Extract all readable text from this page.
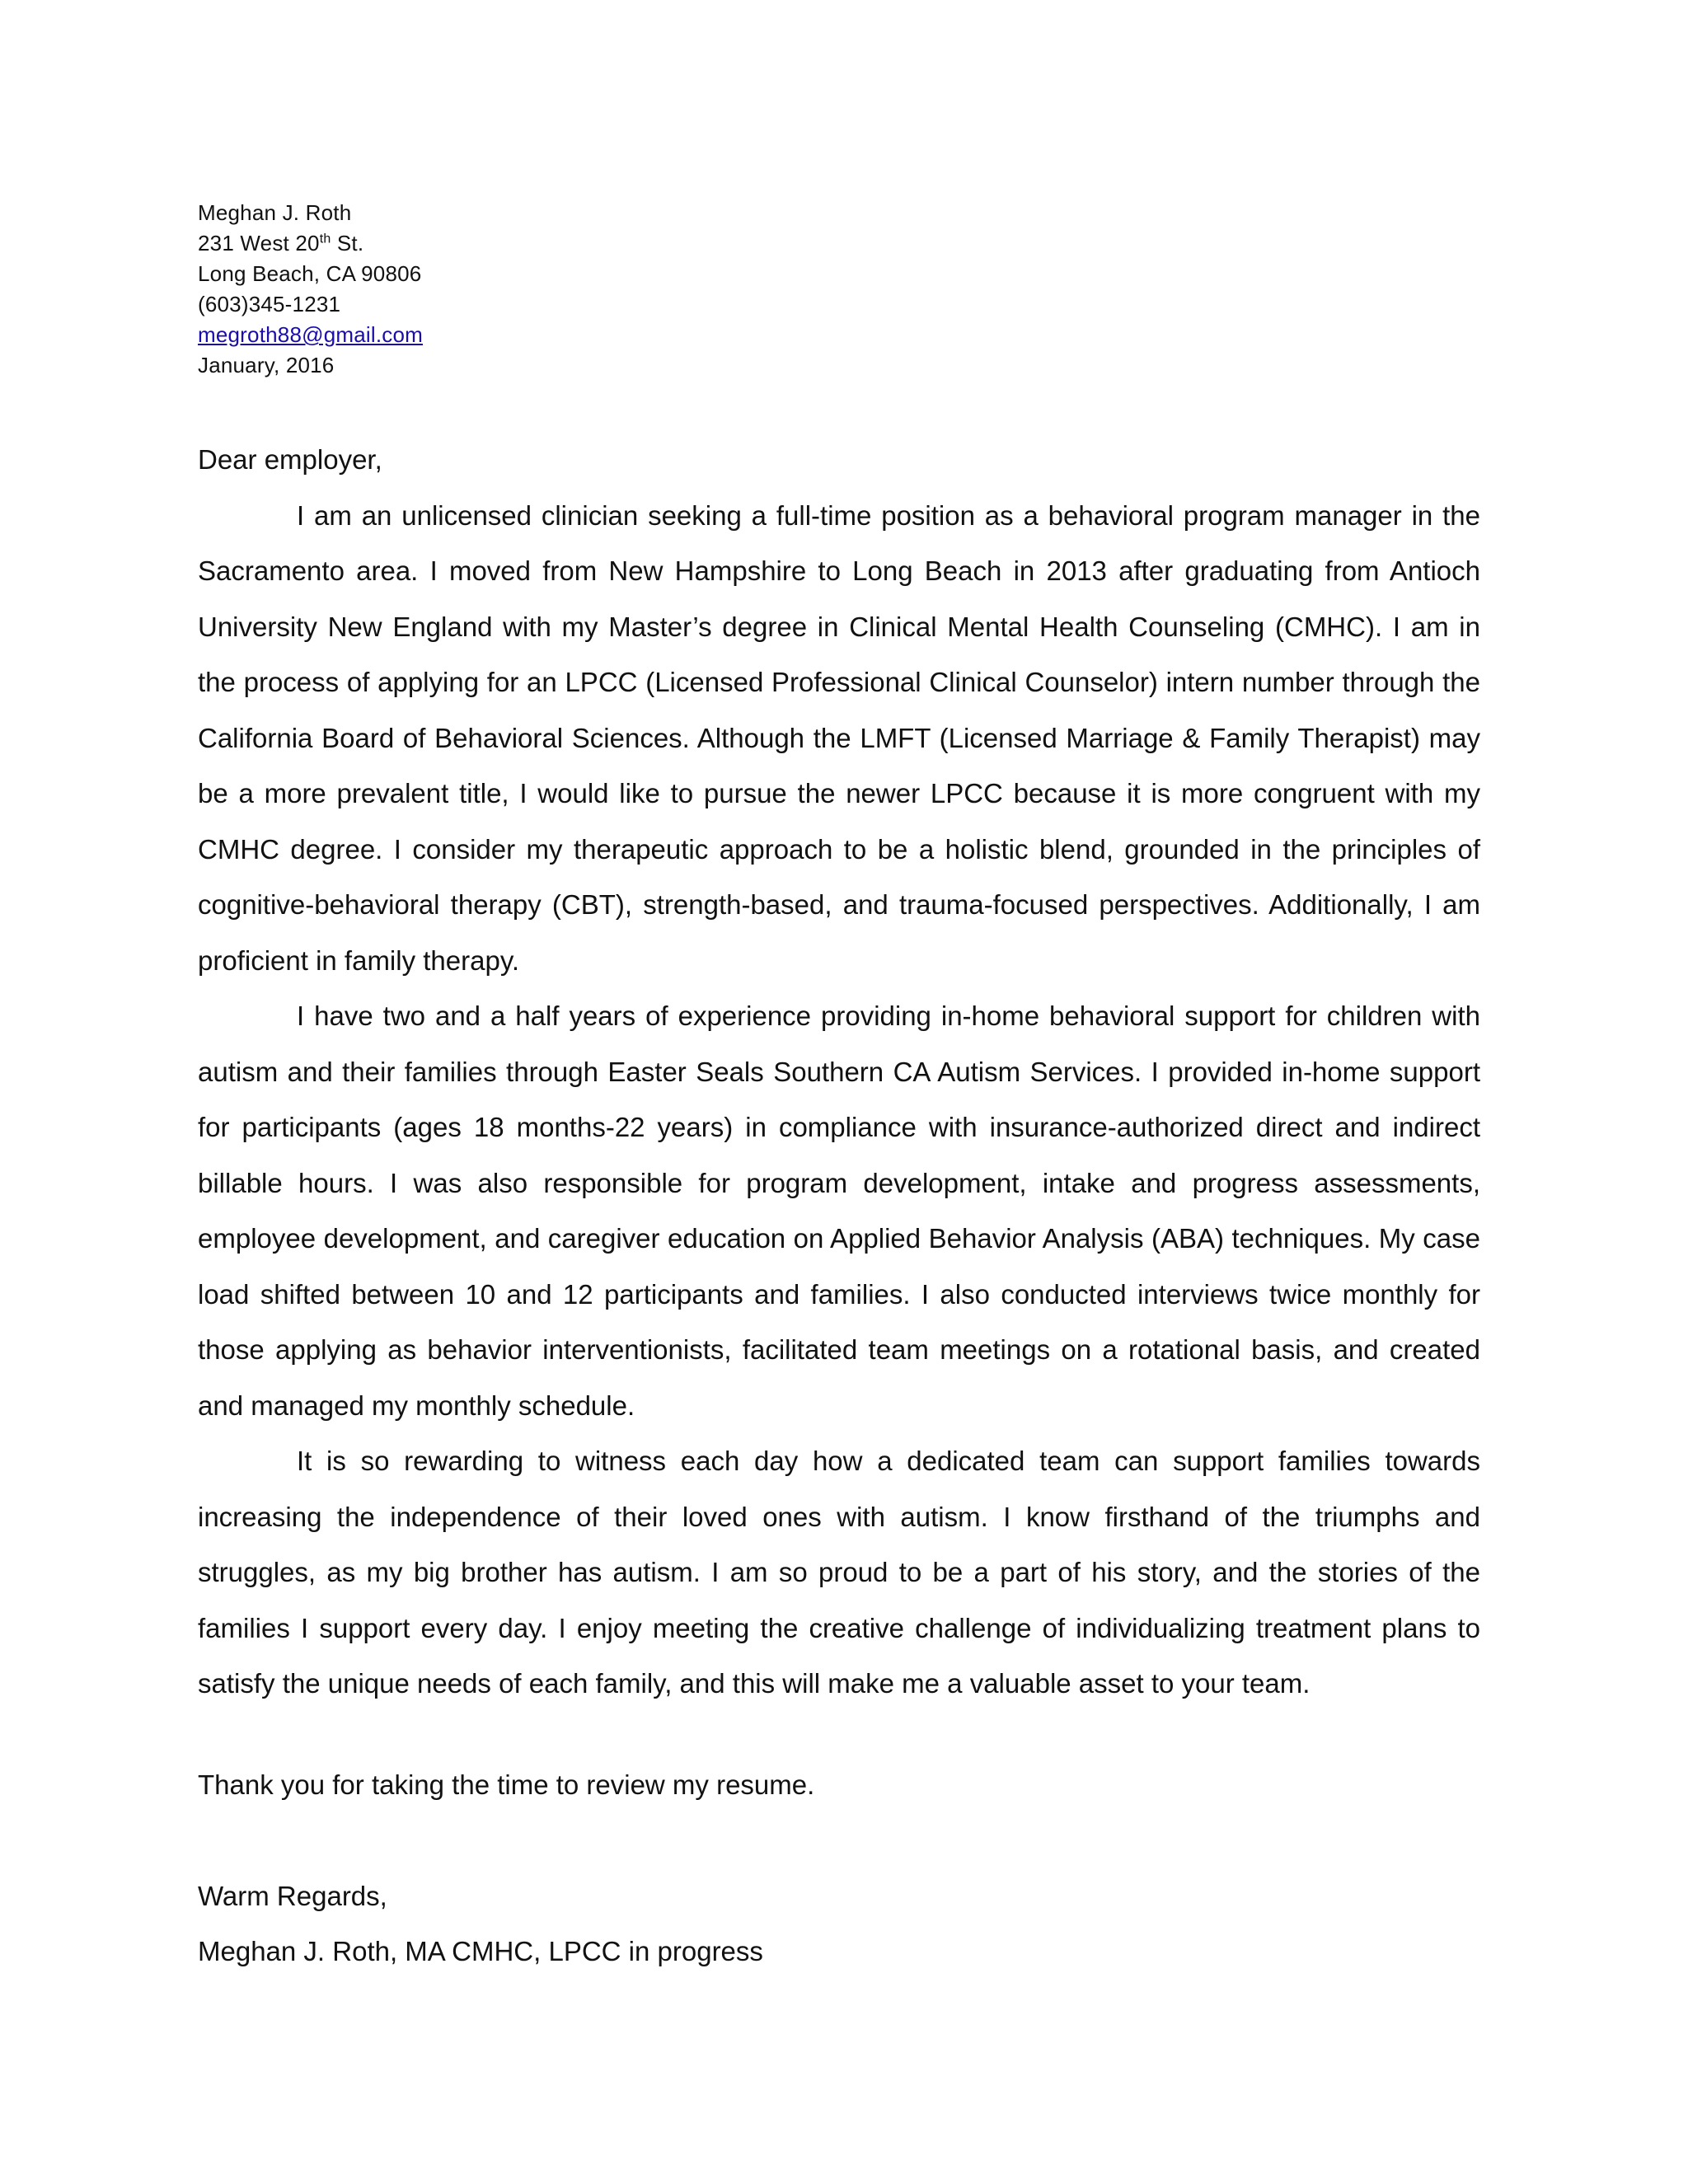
Meghan J. Roth
231 West 20th St.
Long Beach, CA 90806
(603)345-1231
megroth88@gmail.com
January, 2016

Dear employer,

I am an unlicensed clinician seeking a full-time position as a behavioral program manager in the Sacramento area. I moved from New Hampshire to Long Beach in 2013 after graduating from Antioch University New England with my Master’s degree in Clinical Mental Health Counseling (CMHC). I am in the process of applying for an LPCC (Licensed Professional Clinical Counselor) intern number through the California Board of Behavioral Sciences. Although the LMFT (Licensed Marriage & Family Therapist) may be a more prevalent title, I would like to pursue the newer LPCC because it is more congruent with my CMHC degree. I consider my therapeutic approach to be a holistic blend, grounded in the principles of cognitive-behavioral therapy (CBT), strength-based, and trauma-focused perspectives. Additionally, I am proficient in family therapy.

I have two and a half years of experience providing in-home behavioral support for children with autism and their families through Easter Seals Southern CA Autism Services. I provided in-home support for participants (ages 18 months-22 years) in compliance with insurance-authorized direct and indirect billable hours. I was also responsible for program development, intake and progress assessments, employee development, and caregiver education on Applied Behavior Analysis (ABA) techniques. My case load shifted between 10 and 12 participants and families. I also conducted interviews twice monthly for those applying as behavior interventionists, facilitated team meetings on a rotational basis, and created and managed my monthly schedule.

It is so rewarding to witness each day how a dedicated team can support families towards increasing the independence of their loved ones with autism. I know firsthand of the triumphs and struggles, as my big brother has autism. I am so proud to be a part of his story, and the stories of the families I support every day. I enjoy meeting the creative challenge of individualizing treatment plans to satisfy the unique needs of each family, and this will make me a valuable asset to your team.

Thank you for taking the time to review my resume.

Warm Regards,

Meghan J. Roth, MA CMHC, LPCC in progress
